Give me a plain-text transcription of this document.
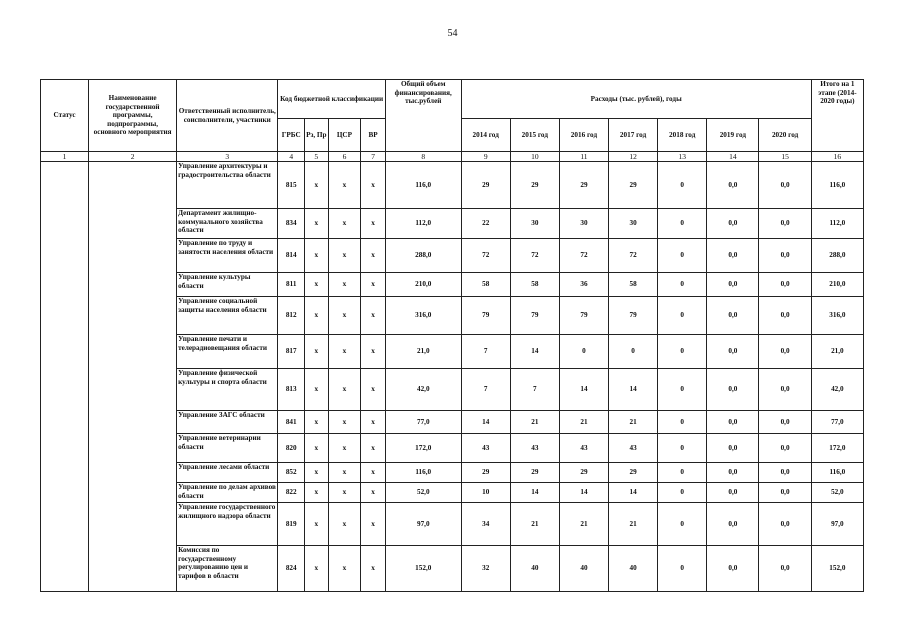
54
Статус	Наименование государственной программы, подпрограммы, основного мероприятия	Ответственный исполнитель, соисполнители, участники	Код бюджетной классификации				Общий объем финансирования, тыс.рублей	Расходы (тыс. рублей), годы							Итого на 1 этапе (2014-2020 годы)
			ГРБС	Рз, Пр	ЦСР	ВР		2014 год	2015 год	2016 год	2017 год	2018 год	2019 год	2020 год	
1	2	3	4	5	6	7	8	9	10	11	12	13	14	15	16
		Управление архитектуры и градостроительства области	815	х	х	х	116,0	29	29	29	29	0	0,0	0,0	116,0
		Департамент жилищно-коммунального хозяйства области	834	х	х	х	112,0	22	30	30	30	0	0,0	0,0	112,0
		Управление по труду и занятости населения области	814	х	х	х	288,0	72	72	72	72	0	0,0	0,0	288,0
		Управление культуры области	811	х	х	х	210,0	58	58	36	58	0	0,0	0,0	210,0
		Управление социальной защиты населения области	812	х	х	х	316,0	79	79	79	79	0	0,0	0,0	316,0
		Управление печати и телерадиовещания области	817	х	х	х	21,0	7	14	0	0	0	0,0	0,0	21,0
		Управление физической культуры и спорта области	813	х	х	х	42,0	7	7	14	14	0	0,0	0,0	42,0
		Управление ЗАГС области	841	х	х	х	77,0	14	21	21	21	0	0,0	0,0	77,0
		Управление ветеринарии области	820	х	х	х	172,0	43	43	43	43	0	0,0	0,0	172,0
		Управление лесами области	852	х	х	х	116,0	29	29	29	29	0	0,0	0,0	116,0
		Управление по делам архивов области	822	х	х	х	52,0	10	14	14	14	0	0,0	0,0	52,0
		Управление государственного жилищного надзора области	819	х	х	х	97,0	34	21	21	21	0	0,0	0,0	97,0
		Комиссия по государственному регулированию цен и тарифов в области	824	х	х	х	152,0	32	40	40	40	0	0,0	0,0	152,0
